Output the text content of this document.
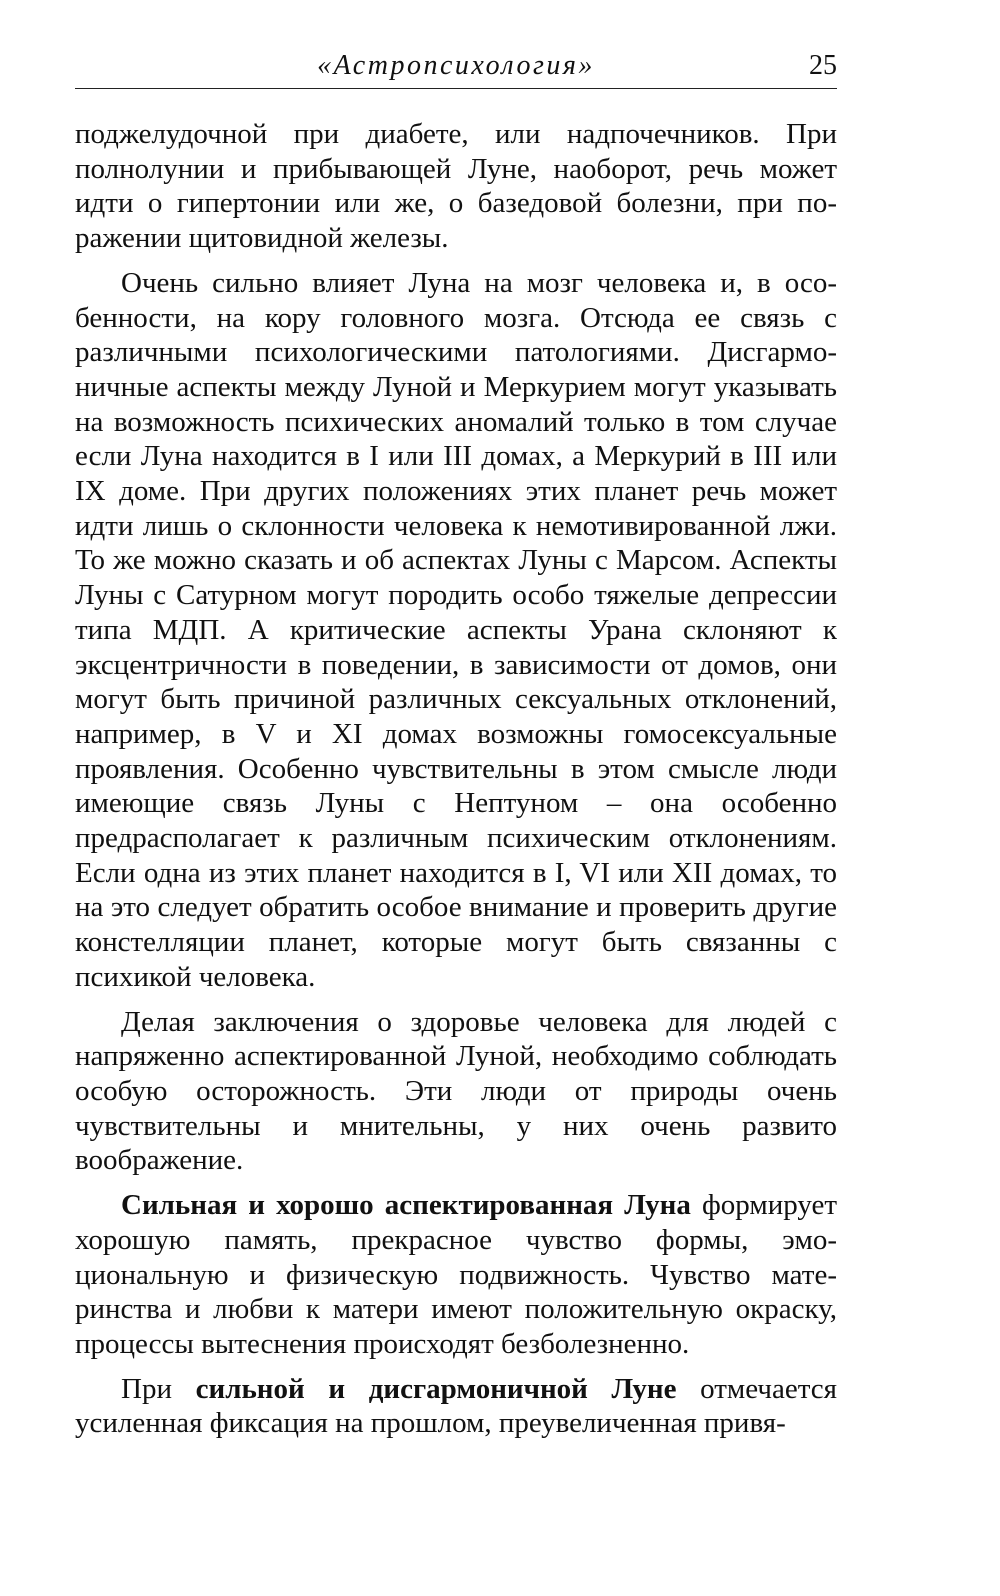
«Астропсихология»	25

поджелудочной при диабете, или надпочечников. При полнолунии и прибывающей Луне, наоборот, речь может идти о гипертонии или же, о базедовой болезни, при поражении щитовидной железы.

Очень сильно влияет Луна на мозг человека и, в особенности, на кору головного мозга. Отсюда ее связь с различными психологическими патологиями. Дисгармоничные аспекты между Луной и Меркурием могут указывать на возможность психических аномалий только в том случае если Луна находится в I или III домах, а Меркурий в III или IX доме. При других положениях этих планет речь может идти лишь о склонности человека к немотивированной лжи. То же можно сказать и об аспектах Луны с Марсом. Аспекты Луны с Сатурном могут породить особо тяжелые депрессии типа МДП. А критические аспекты Урана склоняют к эксцентричности в поведении, в зависимости от домов, они могут быть причиной различных сексуальных отклонений, например, в V и XI домах возможны гомосексуальные проявления. Особенно чувствительны в этом смысле люди имеющие связь Луны с Нептуном – она особенно предрасполагает к различным психическим отклонениям. Если одна из этих планет находится в I, VI или XII домах, то на это следует обратить особое внимание и проверить другие констелляции планет, которые могут быть связанны с психикой человека.

Делая заключения о здоровье человека для людей с напряженно аспектированной Луной, необходимо соблюдать особую осторожность. Эти люди от природы очень чувствительны и мнительны, у них очень развито воображение.

Сильная и хорошо аспектированная Луна формирует хорошую память, прекрасное чувство формы, эмоциональную и физическую подвижность. Чувство материнства и любви к матери имеют положительную окраску, процессы вытеснения происходят безболезненно.

При сильной и дисгармоничной Луне отмечается усиленная фиксация на прошлом, преувеличенная привя-
